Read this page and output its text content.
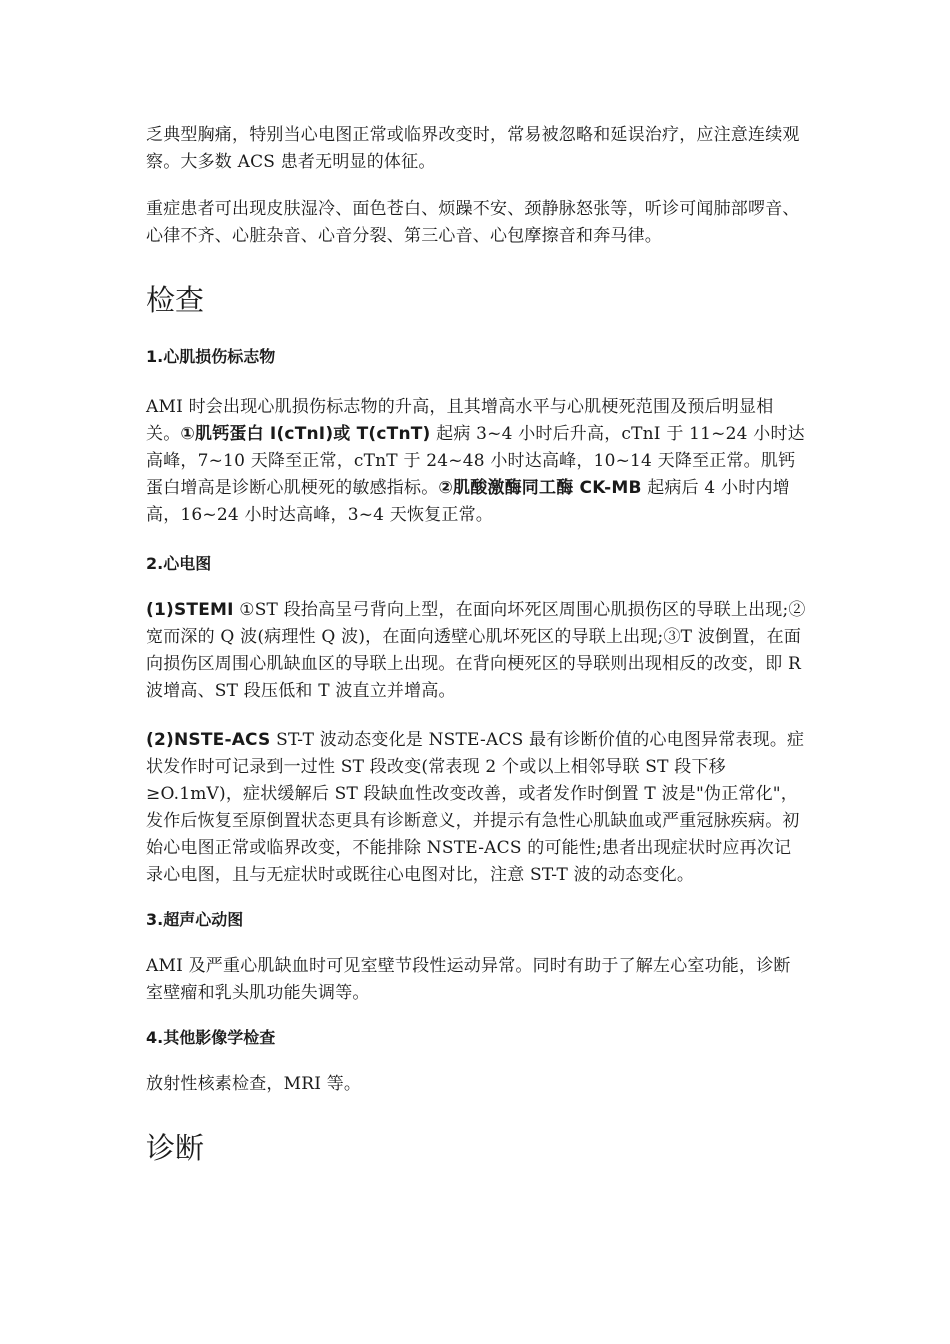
乏典型胸痛，特别当心电图正常或临界改变时，常易被忽略和延误治疗，应注意连续观察。大多数 ACS 患者无明显的体征。

重症患者可出现皮肤湿冷、面色苍白、烦躁不安、颈静脉怒张等，听诊可闻肺部啰音、心律不齐、心脏杂音、心音分裂、第三心音、心包摩擦音和奔马律。

检查
1.心肌损伤标志物

AMI 时会出现心肌损伤标志物的升高，且其增高水平与心肌梗死范围及预后明显相关。①肌钙蛋白 I(cTnI)或 T(cTnT) 起病 3~4 小时后升高，cTnI 于 11~24 小时达高峰，7~10 天降至正常，cTnT 于 24~48 小时达高峰，10~14 天降至正常。肌钙蛋白增高是诊断心肌梗死的敏感指标。②肌酸激酶同工酶 CK-MB 起病后 4 小时内增高，16~24 小时达高峰，3~4 天恢复正常。

2.心电图

(1)STEMI ①ST 段抬高呈弓背向上型，在面向坏死区周围心肌损伤区的导联上出现;② 宽而深的 Q 波(病理性 Q 波)，在面向透壁心肌坏死区的导联上出现;③T 波倒置，在面向损伤区周围心肌缺血区的导联上出现。在背向梗死区的导联则出现相反的改变，即 R 波增高、ST 段压低和 T 波直立并增高。

(2)NSTE-ACS ST-T 波动态变化是 NSTE-ACS 最有诊断价值的心电图异常表现。症状发作时可记录到一过性 ST 段改变(常表现 2 个或以上相邻导联 ST 段下移≥O.1mV)，症状缓解后 ST 段缺血性改变改善，或者发作时倒置 T 波是"伪正常化"，发作后恢复至原倒置状态更具有诊断意义，并提示有急性心肌缺血或严重冠脉疾病。初始心电图正常或临界改变，不能排除 NSTE-ACS 的可能性;患者出现症状时应再次记录心电图，且与无症状时或既往心电图对比，注意 ST-T 波的动态变化。

3.超声心动图

AMI 及严重心肌缺血时可见室壁节段性运动异常。同时有助于了解左心室功能，诊断室壁瘤和乳头肌功能失调等。

4.其他影像学检查

放射性核素检查，MRI 等。

诊断
